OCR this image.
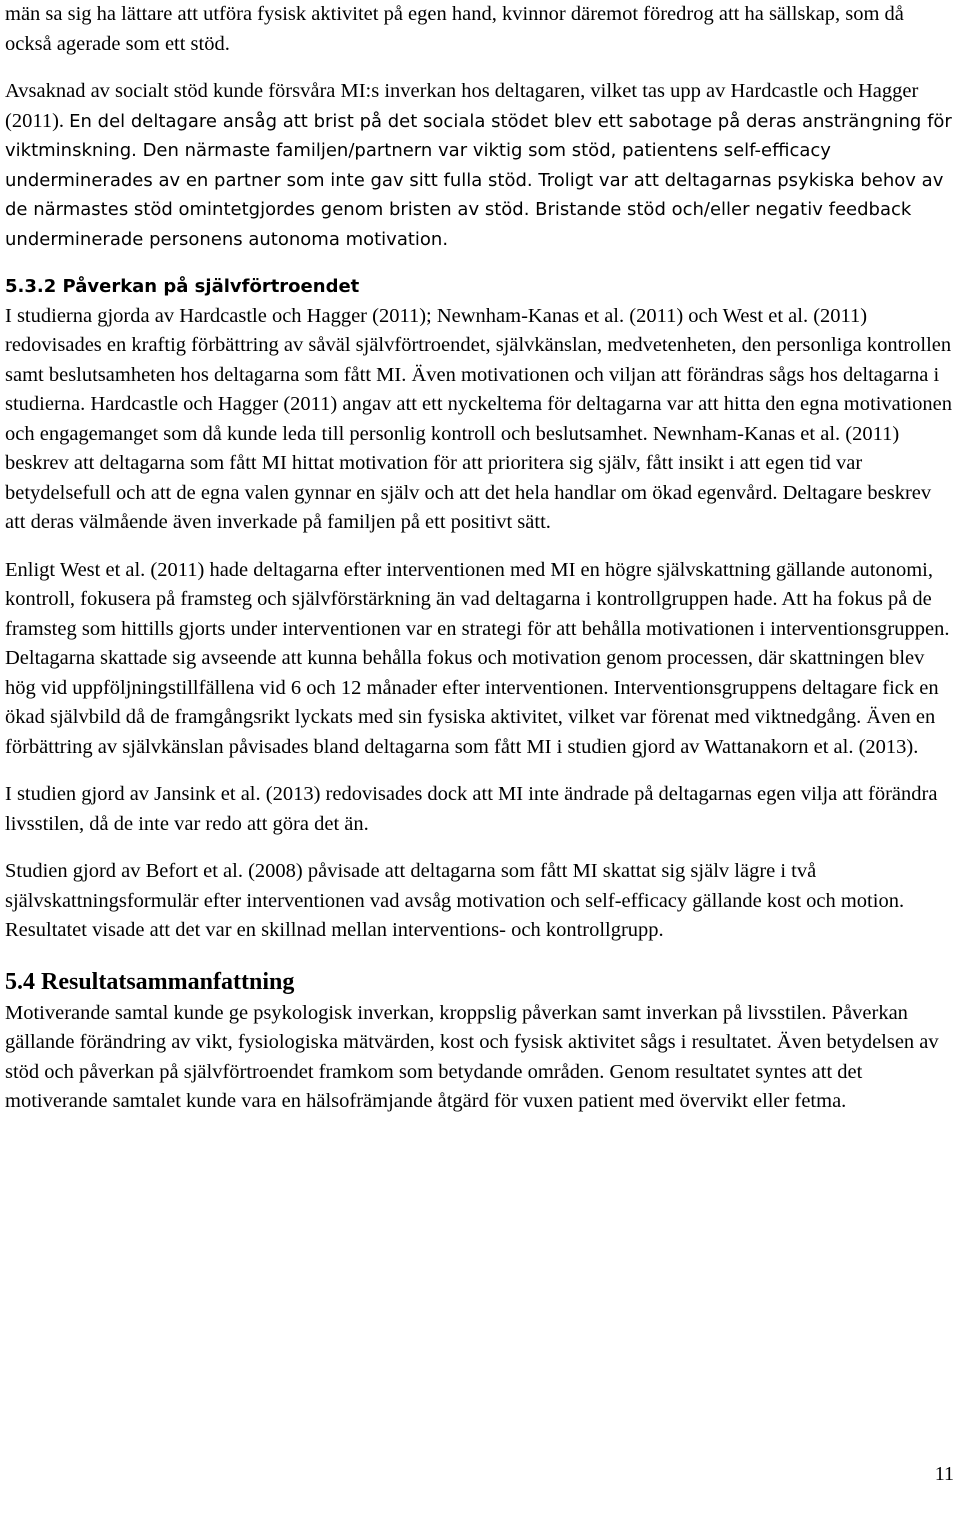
män sa sig ha lättare att utföra fysisk aktivitet på egen hand, kvinnor däremot föredrog att ha sällskap, som då också agerade som ett stöd.

Avsaknad av socialt stöd kunde försvåra MI:s inverkan hos deltagaren, vilket tas upp av Hardcastle och Hagger (2011). En del deltagare ansåg att brist på det sociala stödet blev ett sabotage på deras ansträngning för viktminskning. Den närmaste familjen/partnern var viktig som stöd, patientens self-efficacy underminerades av en partner som inte gav sitt fulla stöd. Troligt var att deltagarnas psykiska behov av de närmastes stöd omintetgjordes genom bristen av stöd. Bristande stöd och/eller negativ feedback underminerade personens autonoma motivation.

5.3.2 Påverkan på självförtroendet

I studierna gjorda av Hardcastle och Hagger (2011); Newnham-Kanas et al. (2011) och West et al. (2011) redovisades en kraftig förbättring av såväl självförtroendet, självkänslan, medvetenheten, den personliga kontrollen samt beslutsamheten hos deltagarna som fått MI. Även motivationen och viljan att förändras sågs hos deltagarna i studierna. Hardcastle och Hagger (2011) angav att ett nyckeltema för deltagarna var att hitta den egna motivationen och engagemanget som då kunde leda till personlig kontroll och beslutsamhet. Newnham-Kanas et al. (2011) beskrev att deltagarna som fått MI hittat motivation för att prioritera sig själv, fått insikt i att egen tid var betydelsefull och att de egna valen gynnar en själv och att det hela handlar om ökad egenvård. Deltagare beskrev att deras välmående även inverkade på familjen på ett positivt sätt.

Enligt West et al. (2011) hade deltagarna efter interventionen med MI en högre självskattning gällande autonomi, kontroll, fokusera på framsteg och självförstärkning än vad deltagarna i kontrollgruppen hade. Att ha fokus på de framsteg som hittills gjorts under interventionen var en strategi för att behålla motivationen i interventionsgruppen. Deltagarna skattade sig avseende att kunna behålla fokus och motivation genom processen, där skattningen blev hög vid uppföljningstillfällena vid 6 och 12 månader efter interventionen. Interventionsgruppens deltagare fick en ökad självbild då de framgångsrikt lyckats med sin fysiska aktivitet, vilket var förenat med viktnedgång. Även en förbättring av självkänslan påvisades bland deltagarna som fått MI i studien gjord av Wattanakorn et al. (2013).

I studien gjord av Jansink et al. (2013) redovisades dock att MI inte ändrade på deltagarnas egen vilja att förändra livsstilen, då de inte var redo att göra det än.

Studien gjord av Befort et al. (2008) påvisade att deltagarna som fått MI skattat sig själv lägre i två självskattningsformulär efter interventionen vad avsåg motivation och self-efficacy gällande kost och motion. Resultatet visade att det var en skillnad mellan interventions- och kontrollgrupp.

5.4 Resultatsammanfattning

Motiverande samtal kunde ge psykologisk inverkan, kroppslig påverkan samt inverkan på livsstilen. Påverkan gällande förändring av vikt, fysiologiska mätvärden, kost och fysisk aktivitet sågs i resultatet. Även betydelsen av stöd och påverkan på självförtroendet framkom som betydande områden. Genom resultatet syntes att det motiverande samtalet kunde vara en hälsofrämjande åtgärd för vuxen patient med övervikt eller fetma.

11
